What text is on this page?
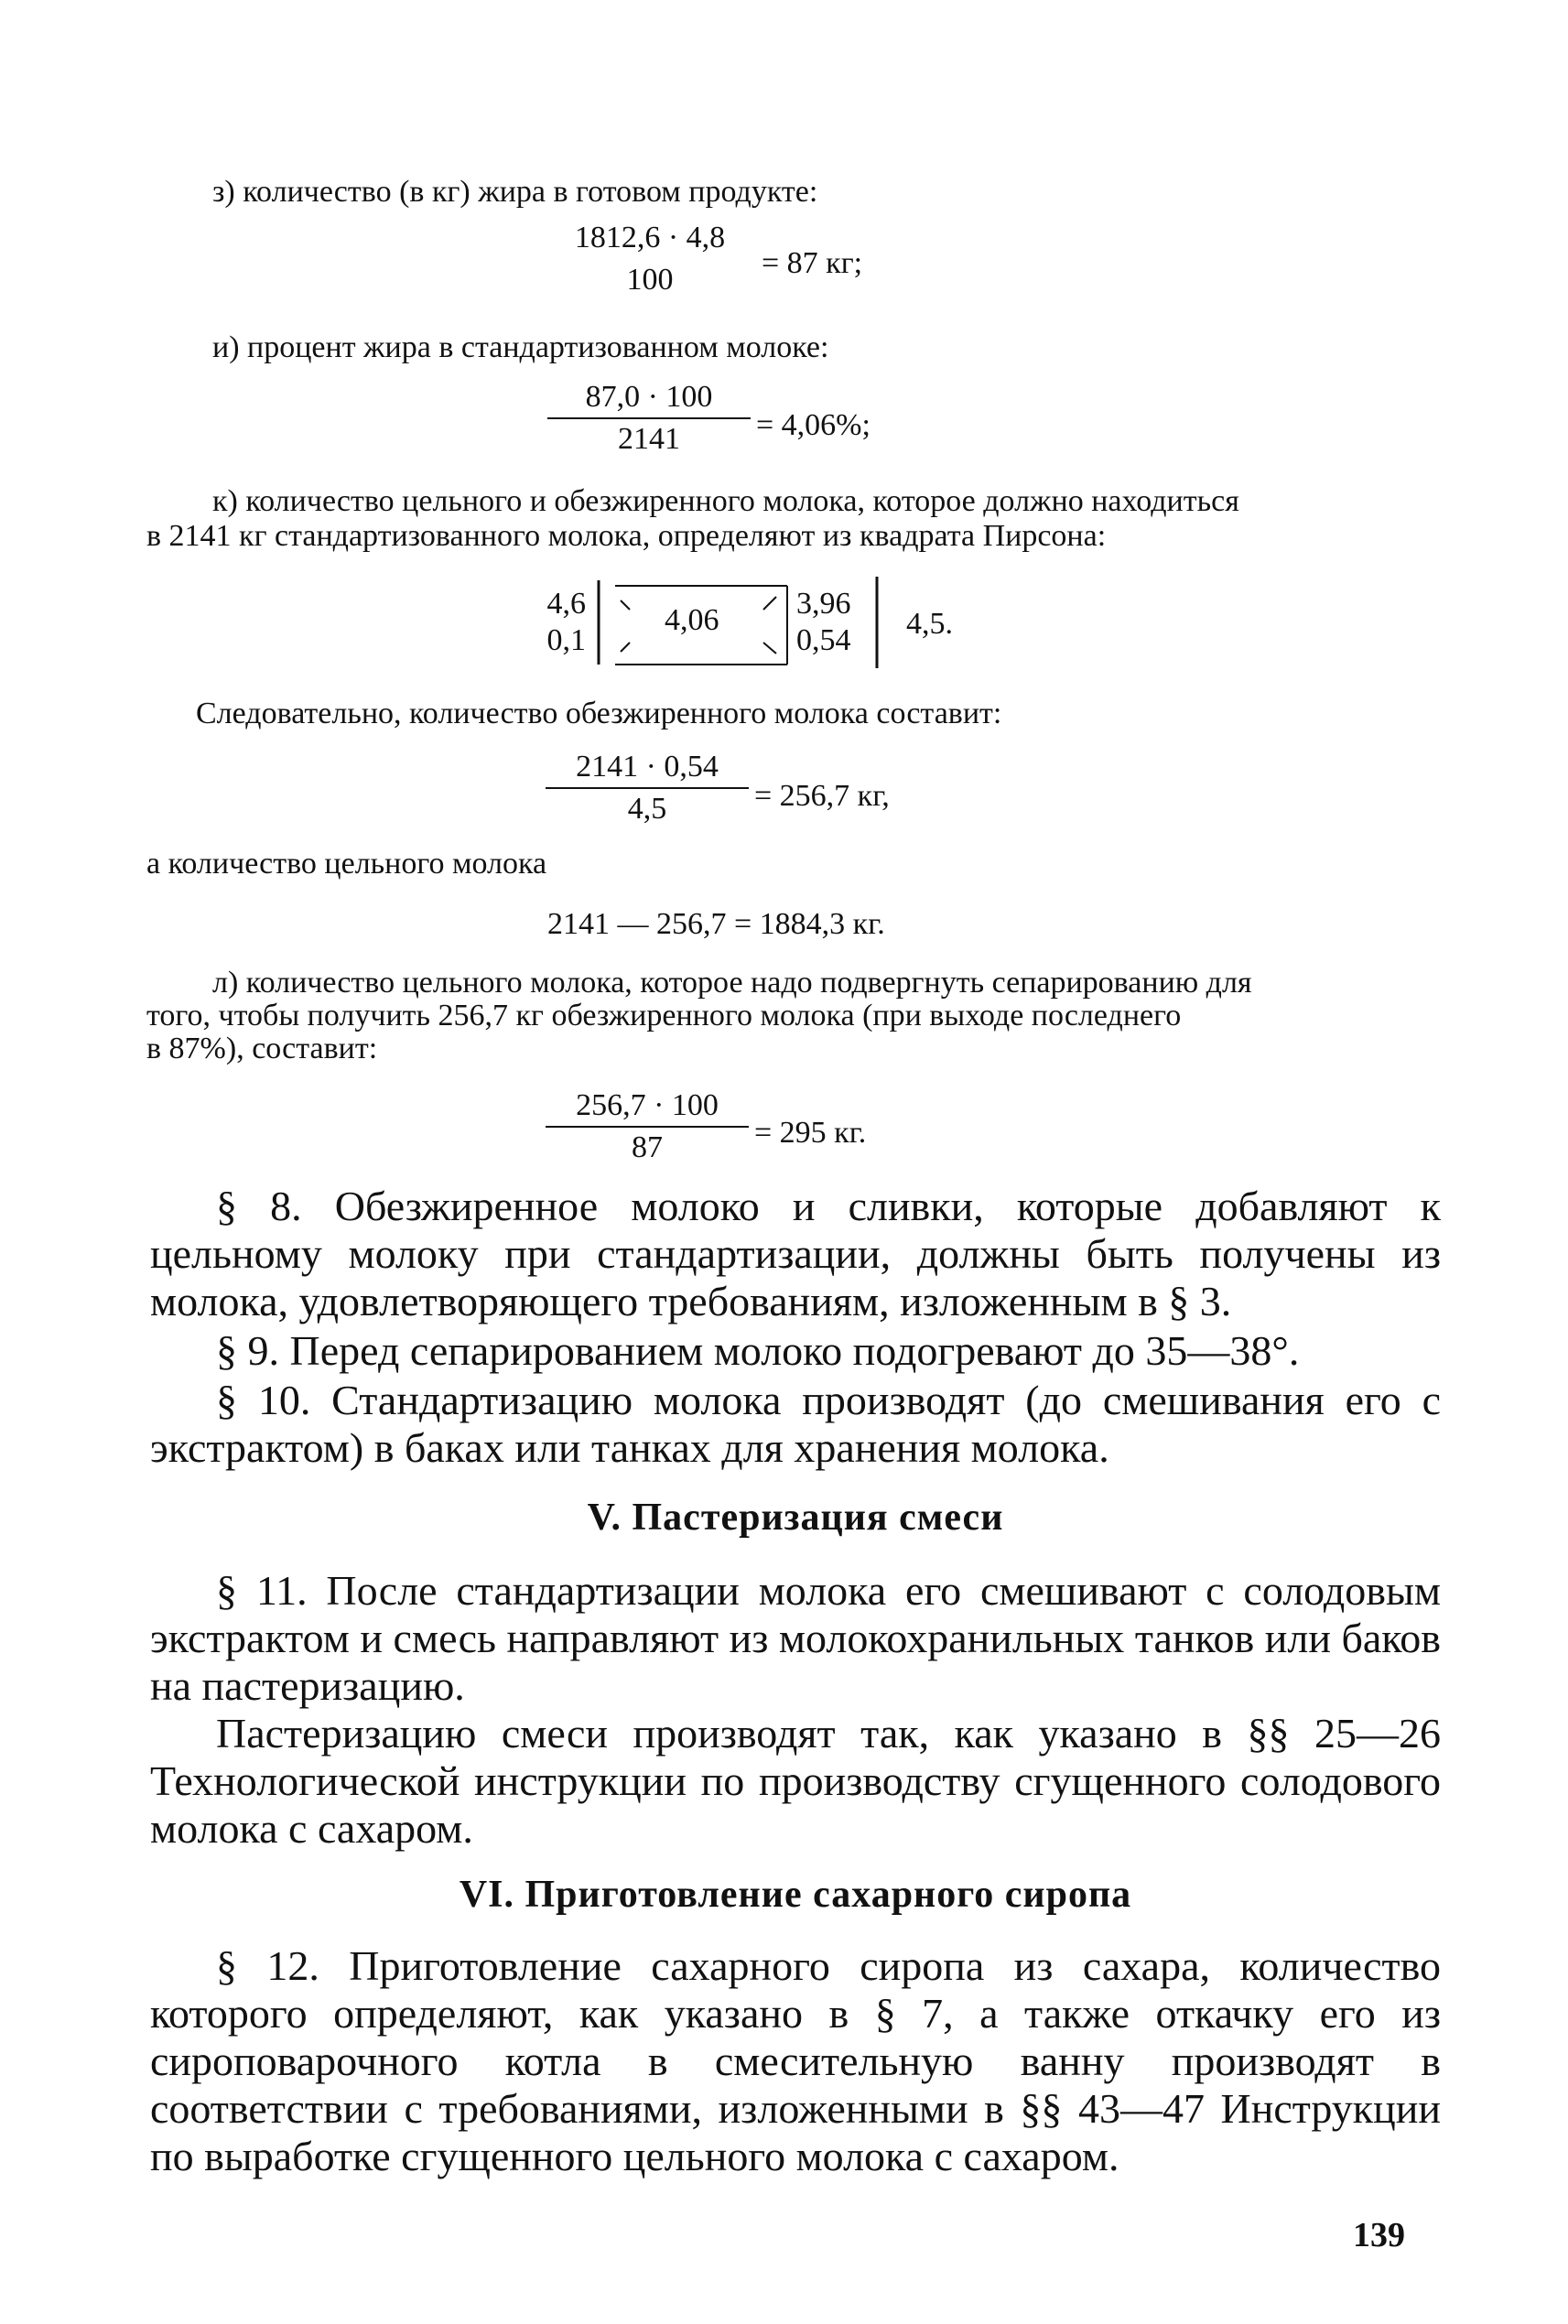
з) количество (в кг) жира в готовом продукте:
1812,6 · 4,8
100	= 87 кг;
и) процент жира в стандартизованном молоке:
87,0 · 100
2141	= 4,06%;
к) количество цельного и обезжиренного молока, которое должно находиться
в 2141 кг стандартизованного молока, определяют из квадрата Пирсона:
4,6
0,1
4,06 3,96
0,54 4,5.
Следовательно, количество обезжиренного молока составит:
2141 · 0,54
4,5	= 256,7 кг,
а количество цельного молока
2141 — 256,7 = 1884,3 кг.
л) количество цельного молока, которое надо подвергнуть сепарированию для
того, чтобы получить 256,7 кг обезжиренного молока (при выходе последнего
в 87%), составит:
256,7 · 100
87	= 295 кг.
§ 8. Обезжиренное молоко и сливки, которые добавляют к цельному молоку при стандартизации, должны быть получены из молока, удовлетворяющего требованиям, изложенным в § 3.
§ 9. Перед сепарированием молоко подогревают до 35—38°.
§ 10. Стандартизацию молока производят (до смешивания его с экстрактом) в баках или танках для хранения молока.
V. Пастеризация смеси
§ 11. После стандартизации молока его смешивают с солодовым экстрактом и смесь направляют из молокохранильных танков или баков на пастеризацию.
Пастеризацию смеси производят так, как указано в §§ 25—26 Технологической инструкции по производству сгущенного солодового молока с сахаром.
VI. Приготовление сахарного сиропа
§ 12. Приготовление сахарного сиропа из сахара, количество которого определяют, как указано в § 7, а также откачку его из сироповарочного котла в смесительную ванну производят в соответствии с требованиями, изложенными в §§ 43—47 Инструкции по выработке сгущенного цельного молока с сахаром.
139
